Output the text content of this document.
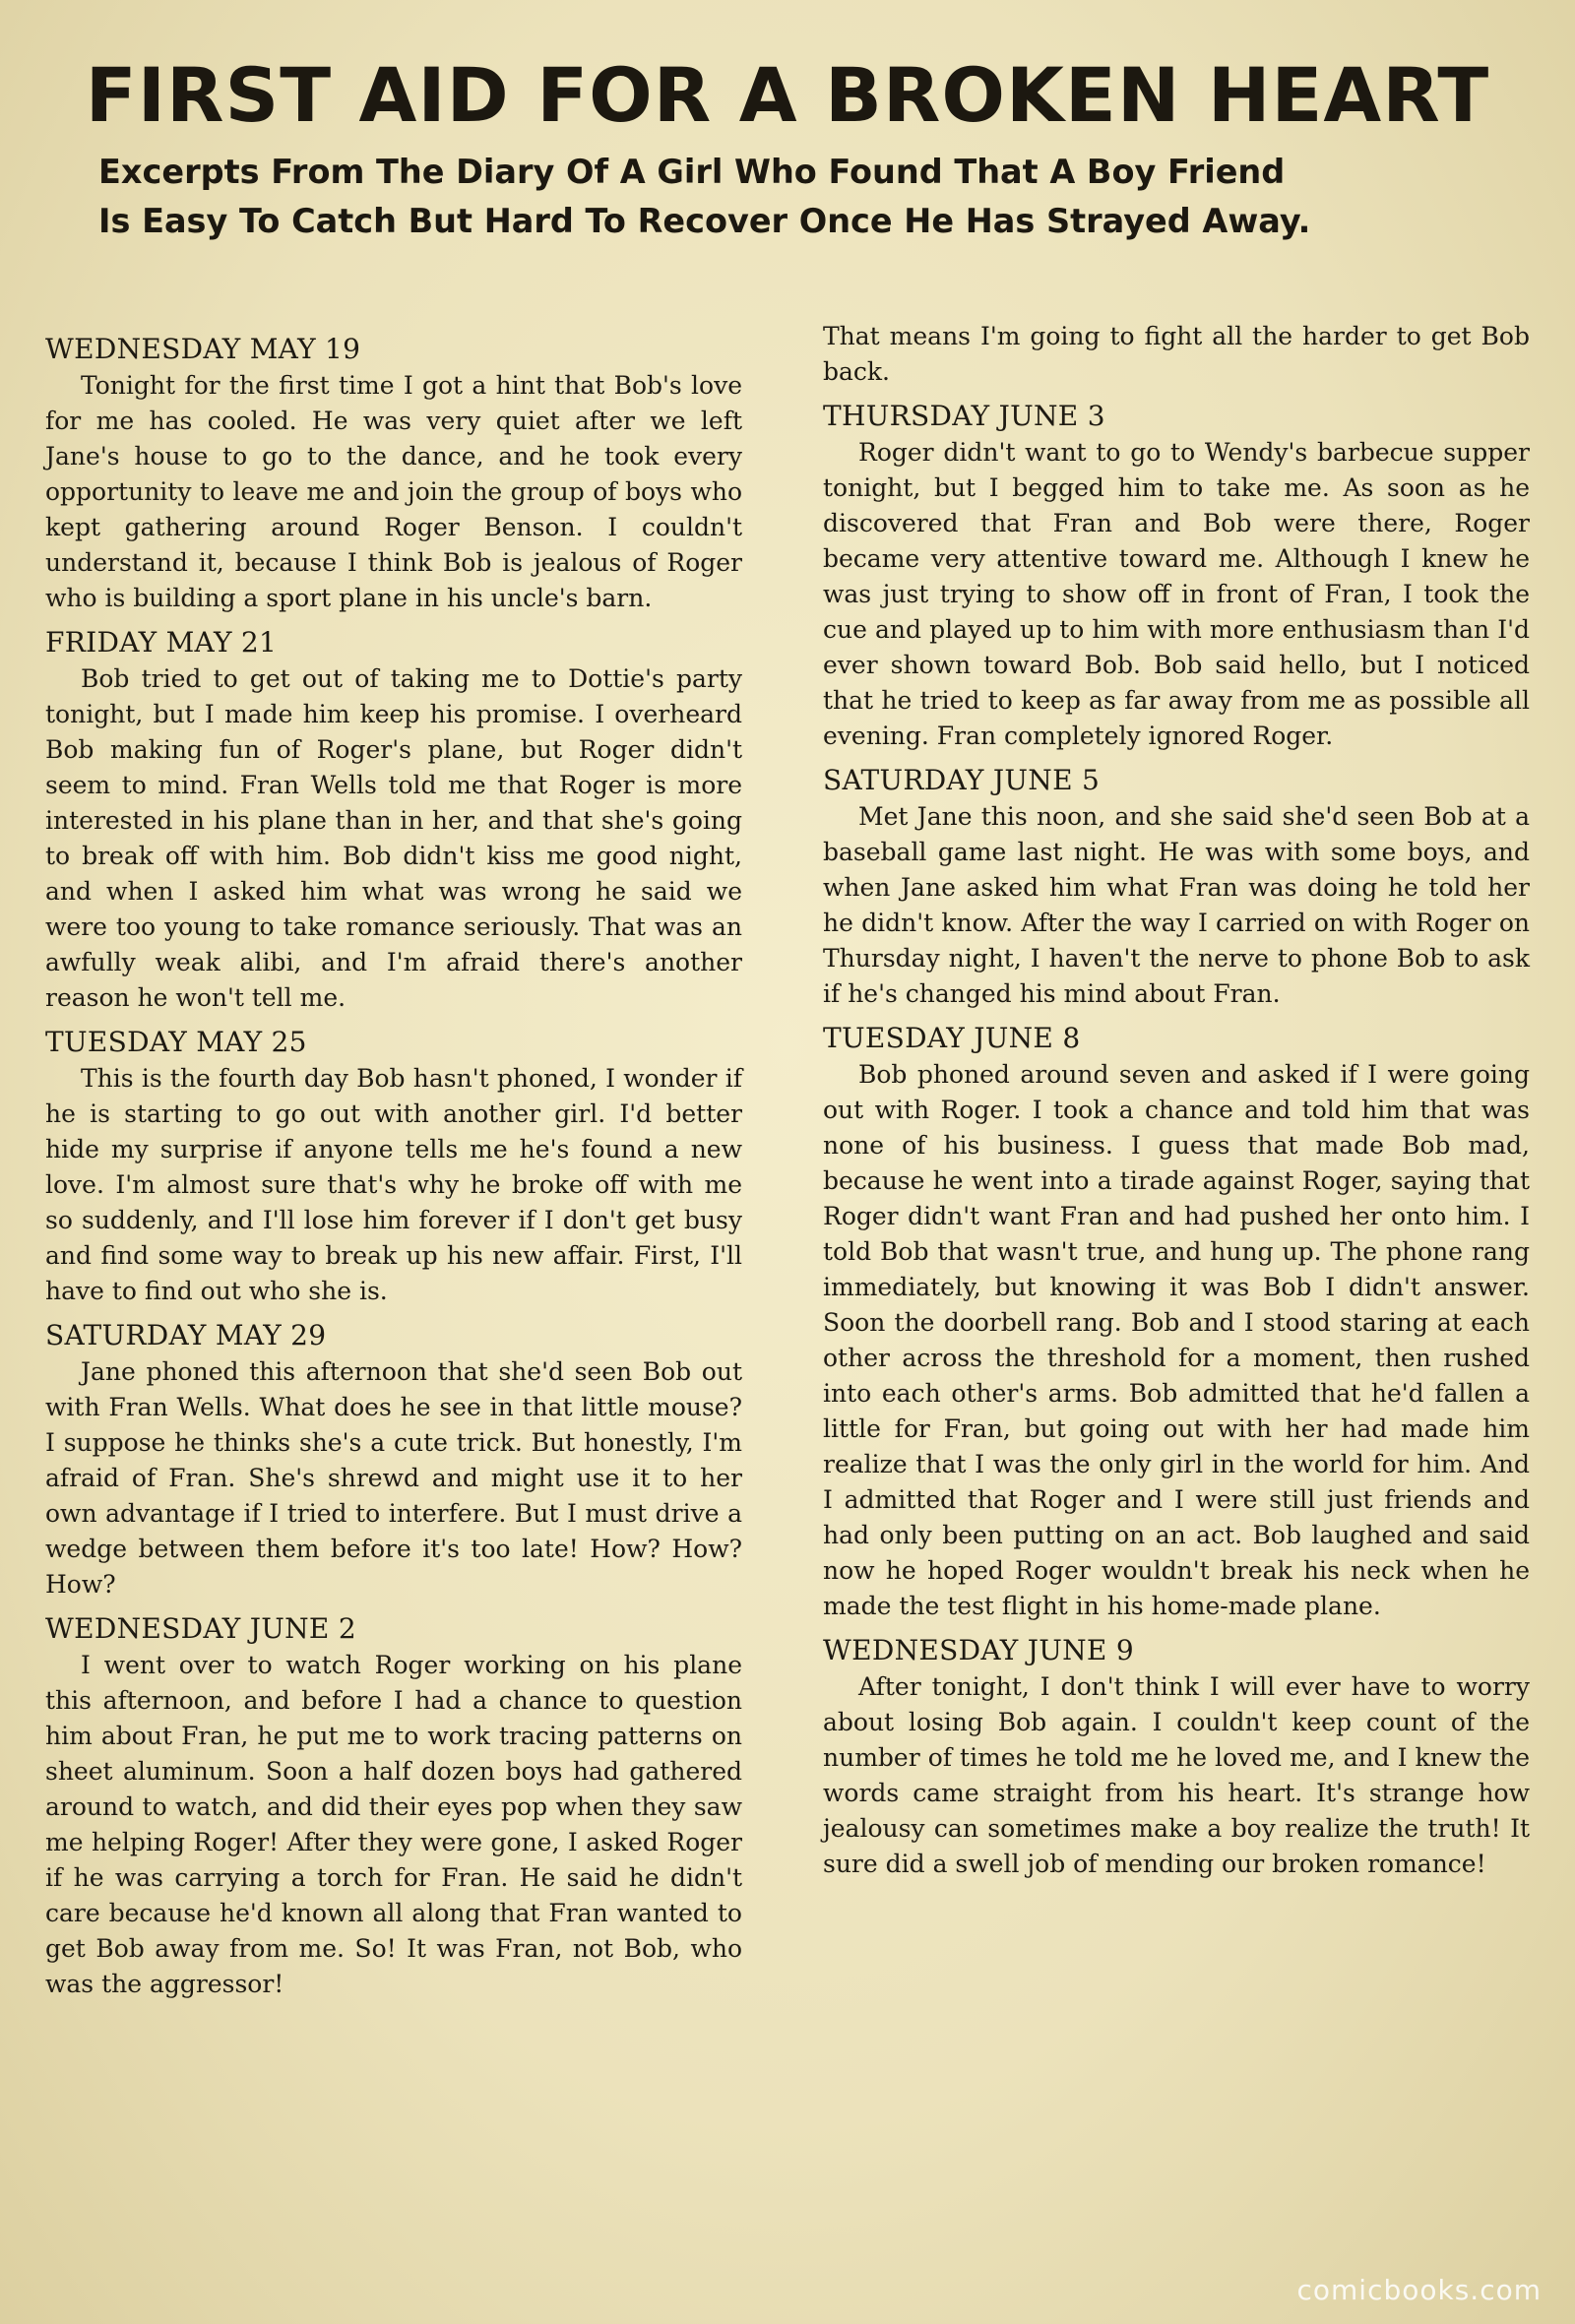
FIRST AID FOR A BROKEN HEART
Excerpts From The Diary Of A Girl Who Found That A Boy Friend
Is Easy To Catch But Hard To Recover Once He Has Strayed Away.

WEDNESDAY MAY 19

Tonight for the first time I got a hint that Bob's love for me has cooled. He was very quiet after we left Jane's house to go to the dance, and he took every opportunity to leave me and join the group of boys who kept gathering around Roger Benson. I couldn't understand it, because I think Bob is jealous of Roger who is building a sport plane in his uncle's barn.

FRIDAY MAY 21

Bob tried to get out of taking me to Dottie's party tonight, but I made him keep his promise. I overheard Bob making fun of Roger's plane, but Roger didn't seem to mind. Fran Wells told me that Roger is more interested in his plane than in her, and that she's going to break off with him. Bob didn't kiss me good night, and when I asked him what was wrong he said we were too young to take romance seriously. That was an awfully weak alibi, and I'm afraid there's another reason he won't tell me.

TUESDAY MAY 25

This is the fourth day Bob hasn't phoned, I wonder if he is starting to go out with another girl. I'd better hide my surprise if anyone tells me he's found a new love. I'm almost sure that's why he broke off with me so suddenly, and I'll lose him forever if I don't get busy and find some way to break up his new affair. First, I'll have to find out who she is.

SATURDAY MAY 29

Jane phoned this afternoon that she'd seen Bob out with Fran Wells. What does he see in that little mouse? I suppose he thinks she's a cute trick. But honestly, I'm afraid of Fran. She's shrewd and might use it to her own advantage if I tried to interfere. But I must drive a wedge between them before it's too late! How? How? How?

WEDNESDAY JUNE 2

I went over to watch Roger working on his plane this afternoon, and before I had a chance to question him about Fran, he put me to work tracing patterns on sheet aluminum. Soon a half dozen boys had gathered around to watch, and did their eyes pop when they saw me helping Roger! After they were gone, I asked Roger if he was carrying a torch for Fran. He said he didn't care because he'd known all along that Fran wanted to get Bob away from me. So! It was Fran, not Bob, who was the aggressor!

That means I'm going to fight all the harder to get Bob back.

THURSDAY JUNE 3

Roger didn't want to go to Wendy's barbecue supper tonight, but I begged him to take me. As soon as he discovered that Fran and Bob were there, Roger became very attentive toward me. Although I knew he was just trying to show off in front of Fran, I took the cue and played up to him with more enthusiasm than I'd ever shown toward Bob. Bob said hello, but I noticed that he tried to keep as far away from me as possible all evening. Fran completely ignored Roger.

SATURDAY JUNE 5

Met Jane this noon, and she said she'd seen Bob at a baseball game last night. He was with some boys, and when Jane asked him what Fran was doing he told her he didn't know. After the way I carried on with Roger on Thursday night, I haven't the nerve to phone Bob to ask if he's changed his mind about Fran.

TUESDAY JUNE 8

Bob phoned around seven and asked if I were going out with Roger. I took a chance and told him that was none of his business. I guess that made Bob mad, because he went into a tirade against Roger, saying that Roger didn't want Fran and had pushed her onto him. I told Bob that wasn't true, and hung up. The phone rang immediately, but knowing it was Bob I didn't answer. Soon the doorbell rang. Bob and I stood staring at each other across the threshold for a moment, then rushed into each other's arms. Bob admitted that he'd fallen a little for Fran, but going out with her had made him realize that I was the only girl in the world for him. And I admitted that Roger and I were still just friends and had only been putting on an act. Bob laughed and said now he hoped Roger wouldn't break his neck when he made the test flight in his home-made plane.

WEDNESDAY JUNE 9

After tonight, I don't think I will ever have to worry about losing Bob again. I couldn't keep count of the number of times he told me he loved me, and I knew the words came straight from his heart. It's strange how jealousy can sometimes make a boy realize the truth! It sure did a swell job of mending our broken romance!

comicbooks.com
